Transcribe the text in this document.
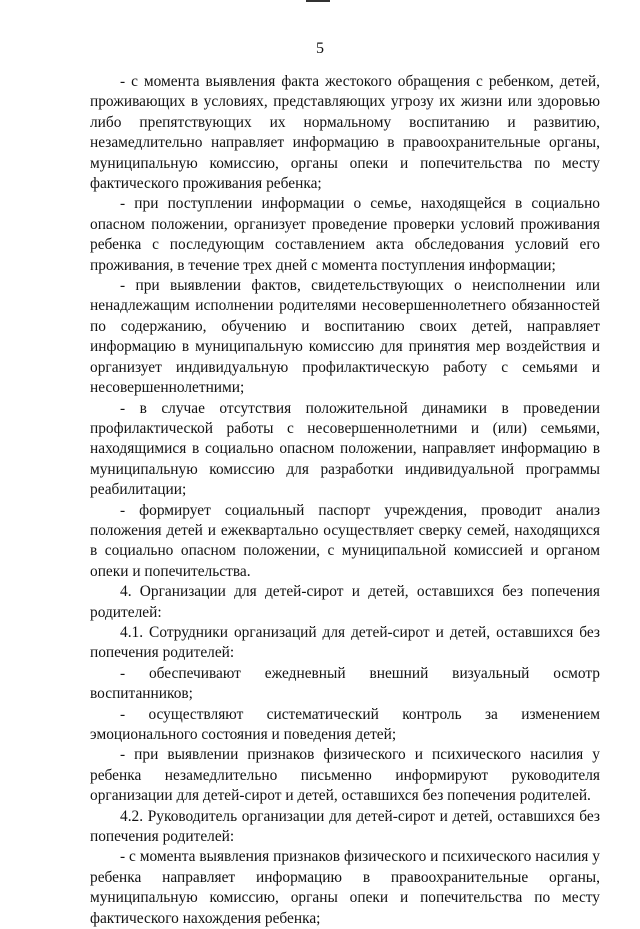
5

- с момента выявления факта жестокого обращения с ребенком, детей, проживающих в условиях, представляющих угрозу их жизни или здоровью либо препятствующих их нормальному воспитанию и развитию, незамедлительно направляет информацию в правоохранительные органы, муниципальную комиссию, органы опеки и попечительства по месту фактического проживания ребенка;

- при поступлении информации о семье, находящейся в социально опасном положении, организует проведение проверки условий проживания ребенка с последующим составлением акта обследования условий его проживания, в течение трех дней с момента поступления информации;

- при выявлении фактов, свидетельствующих о неисполнении или ненадлежащим исполнении родителями несовершеннолетнего обязанностей по содержанию, обучению и воспитанию своих детей, направляет информацию в муниципальную комиссию для принятия мер воздействия и организует индивидуальную профилактическую работу с семьями и несовершеннолетними;

- в случае отсутствия положительной динамики в проведении профилактической работы с несовершеннолетними и (или) семьями, находящимися в социально опасном положении, направляет информацию в муниципальную комиссию для разработки индивидуальной программы реабилитации;

- формирует социальный паспорт учреждения, проводит анализ положения детей и ежеквартально осуществляет сверку семей, находящихся в социально опасном положении, с муниципальной комиссией и органом опеки и попечительства.

4. Организации для детей-сирот и детей, оставшихся без попечения родителей:

4.1. Сотрудники организаций для детей-сирот и детей, оставшихся без попечения родителей:

- обеспечивают ежедневный внешний визуальный осмотр воспитанников;

- осуществляют систематический контроль за изменением эмоционального состояния и поведения детей;

- при выявлении признаков физического и психического насилия у ребенка незамедлительно письменно информируют руководителя организации для детей-сирот и детей, оставшихся без попечения родителей.

4.2. Руководитель организации для детей-сирот и детей, оставшихся без попечения родителей:

- с момента выявления признаков физического и психического насилия у ребенка направляет информацию в правоохранительные органы, муниципальную комиссию, органы опеки и попечительства по месту фактического нахождения ребенка;
